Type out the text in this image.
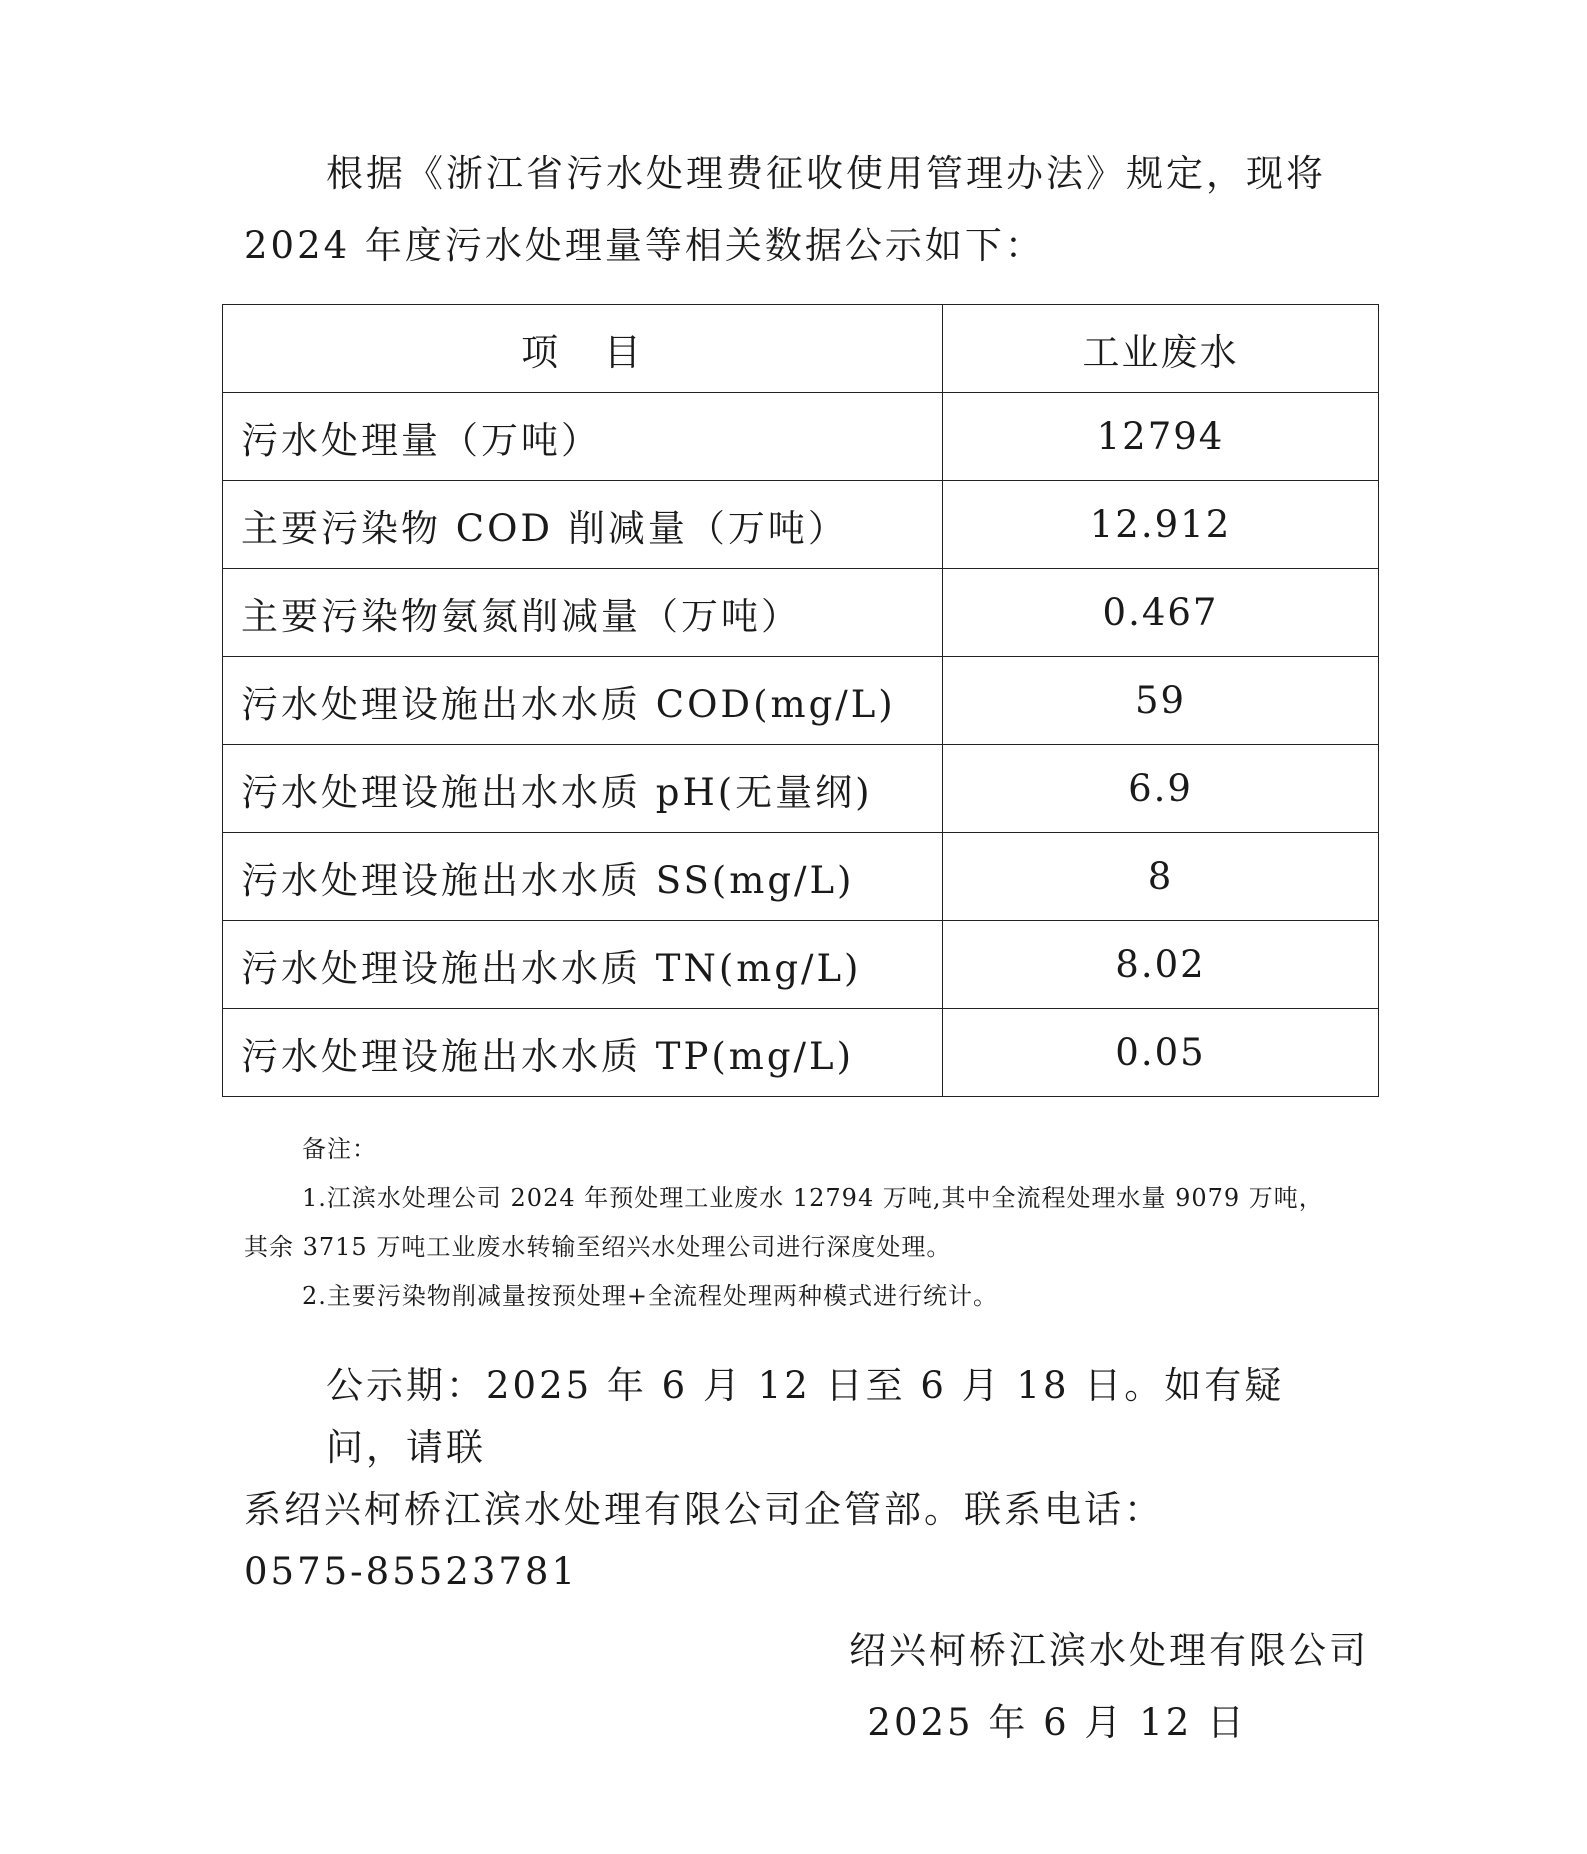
根据《浙江省污水处理费征收使用管理办法》规定，现将
2024 年度污水处理量等相关数据公示如下：
项 目	工业废水
污水处理量（万吨）	12794
主要污染物 COD 削减量（万吨）	12.912
主要污染物氨氮削减量（万吨）	0.467
污水处理设施出水水质 COD(mg/L)	59
污水处理设施出水水质 pH(无量纲)	6.9
污水处理设施出水水质 SS(mg/L)	8
污水处理设施出水水质 TN(mg/L)	8.02
污水处理设施出水水质 TP(mg/L)	0.05
备注：
1.江滨水处理公司 2024 年预处理工业废水 12794 万吨,其中全流程处理水量 9079 万吨，
其余 3715 万吨工业废水转输至绍兴水处理公司进行深度处理。
2.主要污染物削减量按预处理+全流程处理两种模式进行统计。
公示期：2025 年 6 月 12 日至 6 月 18 日。如有疑问，请联
系绍兴柯桥江滨水处理有限公司企管部。联系电话：
0575-85523781
绍兴柯桥江滨水处理有限公司
2025 年 6 月 12 日
